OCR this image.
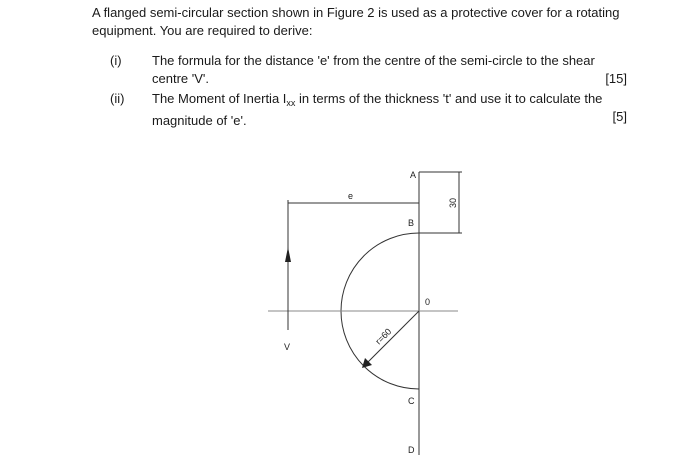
A flanged semi-circular section shown in Figure 2 is used as a protective cover for a rotating
equipment. You are required to derive:

(i) The formula for the distance 'e' from the centre of the semi-circle to the shear
centre 'V'.	[15]
(ii) The Moment of Inertia $I_{xx}$ in terms of the thickness 't' and use it to calculate the
magnitude of 'e'.	[5]
A
B
0
C
D
V
e
30
r=60
